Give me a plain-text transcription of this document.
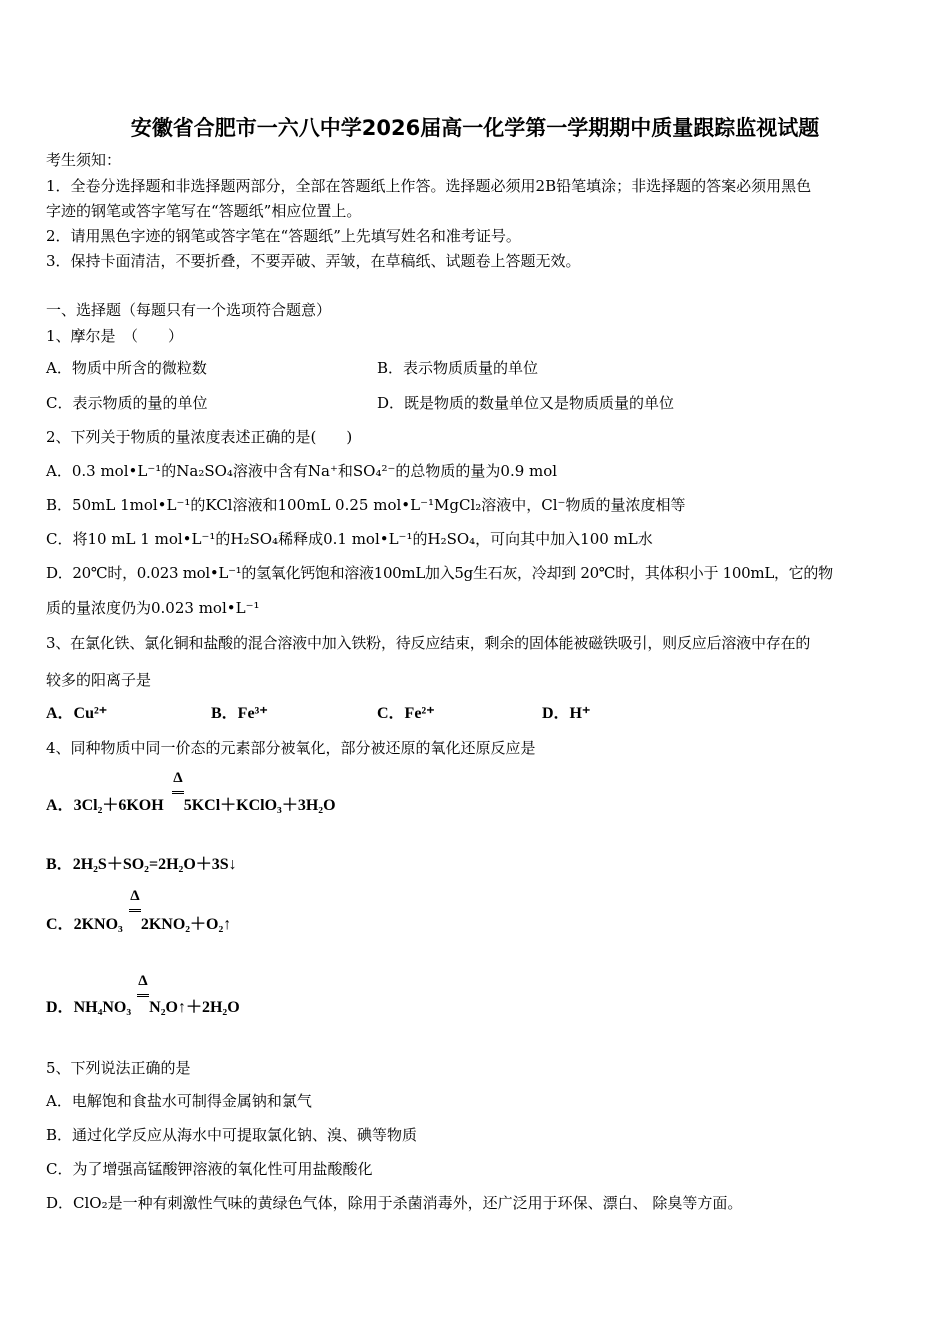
安徽省合肥市一六八中学2026届高一化学第一学期期中质量跟踪监视试题
考生须知：
1．全卷分选择题和非选择题两部分，全部在答题纸上作答。选择题必须用2B铅笔填涂；非选择题的答案必须用黑色
字迹的钢笔或答字笔写在“答题纸”相应位置上。
2．请用黑色字迹的钢笔或答字笔在“答题纸”上先填写姓名和准考证号。
3．保持卡面清洁，不要折叠，不要弄破、弄皱，在草稿纸、试题卷上答题无效。
一、选择题（每题只有一个选项符合题意）
1、摩尔是　（　　）
A．物质中所含的微粒数	B．表示物质质量的单位
C．表示物质的量的单位	D．既是物质的数量单位又是物质质量的单位
2、下列关于物质的量浓度表述正确的是(　　)
A．0.3 mol•L⁻¹的Na₂SO₄溶液中含有Na⁺和SO₄²⁻的总物质的量为0.9 mol
B．50mL 1mol•L⁻¹的KCl溶液和100mL 0.25 mol•L⁻¹MgCl₂溶液中，Cl⁻物质的量浓度相等
C．将10 mL 1 mol•L⁻¹的H₂SO₄稀释成0.1 mol•L⁻¹的H₂SO₄，可向其中加入100 mL水
D．20℃时，0.023 mol•L⁻¹的氢氧化钙饱和溶液100mL加入5g生石灰，冷却到 20℃时，其体积小于 100mL，它的物
质的量浓度仍为0.023 mol•L⁻¹
3、在氯化铁、氯化铜和盐酸的混合溶液中加入铁粉，待反应结束，剩余的固体能被磁铁吸引，则反应后溶液中存在的
较多的阳离子是
A．Cu²⁺	B．Fe³⁺	C．Fe²⁺	D．H⁺
4、同种物质中同一价态的元素部分被氧化，部分被还原的氧化还原反应是
Δ
A．3Cl₂＋6KOH 5KCl＋KClO₃＋3H₂O
B．2H₂S＋SO₂=2H₂O＋3S↓
Δ
C．2KNO₃ 2KNO₂＋O₂↑
Δ
D．NH₄NO₃ N₂O↑＋2H₂O
5、下列说法正确的是
A．电解饱和食盐水可制得金属钠和氯气
B．通过化学反应从海水中可提取氯化钠、溴、碘等物质
C．为了增强高锰酸钾溶液的氧化性可用盐酸酸化
D．ClO₂是一种有刺激性气味的黄绿色气体，除用于杀菌消毒外，还广泛用于环保、漂白、 除臭等方面。
